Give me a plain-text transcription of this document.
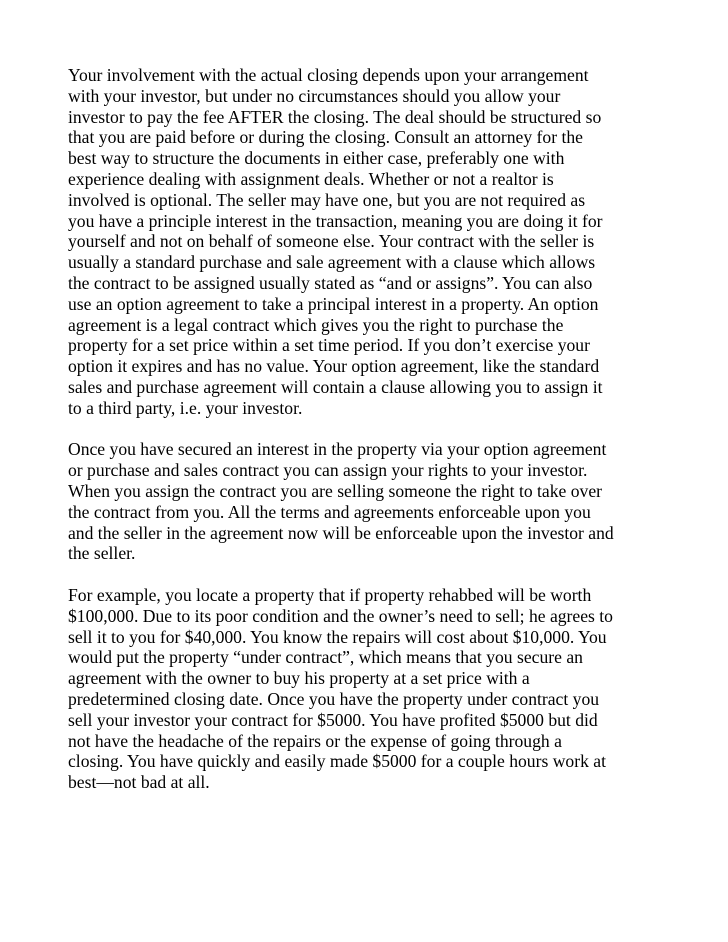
Your involvement with the actual closing depends upon your arrangement
with your investor, but under no circumstances should you allow your
investor to pay the fee AFTER the closing. The deal should be structured so
that you are paid before or during the closing. Consult an attorney for the
best way to structure the documents in either case, preferably one with
experience dealing with assignment deals. Whether or not a realtor is
involved is optional. The seller may have one, but you are not required as
you have a principle interest in the transaction, meaning you are doing it for
yourself and not on behalf of someone else. Your contract with the seller is
usually a standard purchase and sale agreement with a clause which allows
the contract to be assigned usually stated as “and or assigns”. You can also
use an option agreement to take a principal interest in a property. An option
agreement is a legal contract which gives you the right to purchase the
property for a set price within a set time period. If you don’t exercise your
option it expires and has no value. Your option agreement, like the standard
sales and purchase agreement will contain a clause allowing you to assign it
to a third party, i.e. your investor.
Once you have secured an interest in the property via your option agreement
or purchase and sales contract you can assign your rights to your investor.
When you assign the contract you are selling someone the right to take over
the contract from you. All the terms and agreements enforceable upon you
and the seller in the agreement now will be enforceable upon the investor and
the seller.
For example, you locate a property that if property rehabbed will be worth
$100,000. Due to its poor condition and the owner’s need to sell; he agrees to
sell it to you for $40,000. You know the repairs will cost about $10,000. You
would put the property “under contract”, which means that you secure an
agreement with the owner to buy his property at a set price with a
predetermined closing date. Once you have the property under contract you
sell your investor your contract for $5000. You have profited $5000 but did
not have the headache of the repairs or the expense of going through a
closing. You have quickly and easily made $5000 for a couple hours work at
best—not bad at all.
